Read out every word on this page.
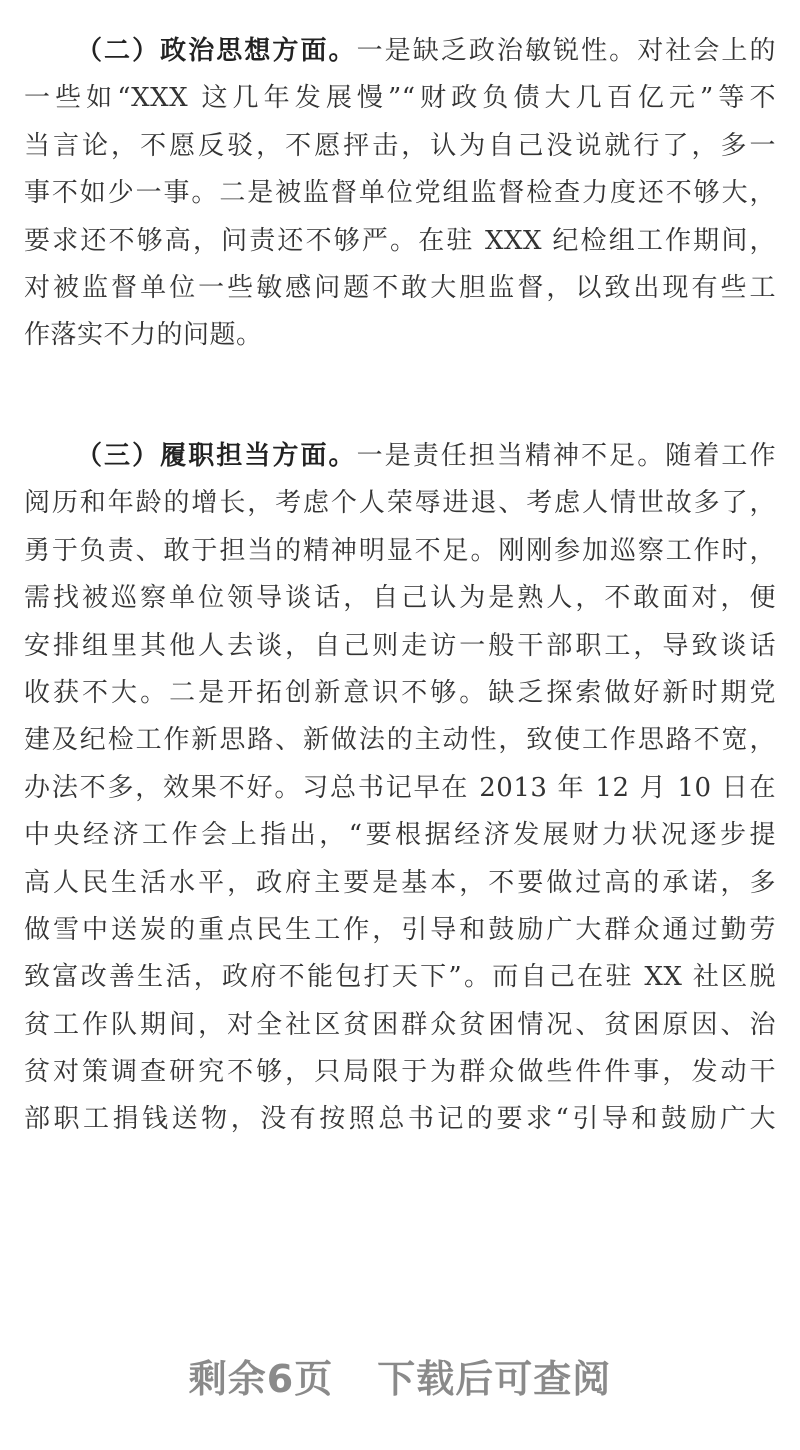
（二）政治思想方面。一是缺乏政治敏锐性。对社会上的
一些如“XXX 这几年发展慢”“财政负债大几百亿元”等不
当言论，不愿反驳，不愿抨击，认为自己没说就行了，多一
事不如少一事。二是被监督单位党组监督检查力度还不够大，
要求还不够高，问责还不够严。在驻 XXX 纪检组工作期间，
对被监督单位一些敏感问题不敢大胆监督，以致出现有些工
作落实不力的问题。
（三）履职担当方面。一是责任担当精神不足。随着工作
阅历和年龄的增长，考虑个人荣辱进退、考虑人情世故多了，
勇于负责、敢于担当的精神明显不足。刚刚参加巡察工作时，
需找被巡察单位领导谈话，自己认为是熟人，不敢面对，便
安排组里其他人去谈，自己则走访一般干部职工，导致谈话
收获不大。二是开拓创新意识不够。缺乏探索做好新时期党
建及纪检工作新思路、新做法的主动性，致使工作思路不宽，
办法不多，效果不好。习总书记早在 2013 年 12 月 10 日在
中央经济工作会上指出，“要根据经济发展财力状况逐步提
高人民生活水平，政府主要是基本，不要做过高的承诺，多
做雪中送炭的重点民生工作，引导和鼓励广大群众通过勤劳
致富改善生活，政府不能包打天下”。而自己在驻 XX 社区脱
贫工作队期间，对全社区贫困群众贫困情况、贫困原因、治
贫对策调查研究不够，只局限于为群众做些件件事，发动干
部职工捐钱送物，没有按照总书记的要求“引导和鼓励广大
剩余6页 下载后可查阅
